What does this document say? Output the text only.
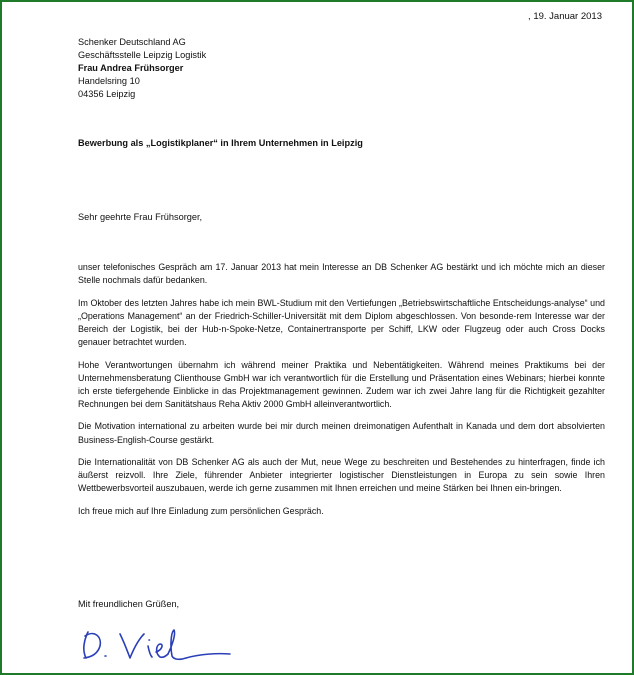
, 19. Januar 2013
Schenker Deutschland AG
Geschäftsstelle Leipzig Logistik
Frau Andrea Frühsorger
Handelsring 10
04356 Leipzig
Bewerbung als „Logistikplaner“ in Ihrem Unternehmen in Leipzig
Sehr geehrte Frau Frühsorger,

unser telefonisches Gespräch am 17. Januar 2013 hat mein Interesse an DB Schenker AG bestärkt und ich möchte mich an dieser Stelle nochmals dafür bedanken.

Im Oktober des letzten Jahres habe ich mein BWL-Studium mit den Vertiefungen „Betriebswirtschaftliche Entscheidungs-analyse“ und „Operations Management“ an der Friedrich-Schiller-Universität mit dem Diplom abgeschlossen. Von besonde-rem Interesse war der Bereich der Logistik, bei der Hub-n-Spoke-Netze, Containertransporte per Schiff, LKW oder Flugzeug oder auch Cross Docks genauer betrachtet wurden.

Hohe Verantwortungen übernahm ich während meiner Praktika und Nebentätigkeiten. Während meines Praktikums bei der Unternehmensberatung Clienthouse GmbH war ich verantwortlich für die Erstellung und Präsentation eines Webinars; hierbei konnte ich erste tiefergehende Einblicke in das Projektmanagement gewinnen. Zudem war ich zwei Jahre lang für die Richtigkeit gezahlter Rechnungen bei dem Sanitätshaus Reha Aktiv 2000 GmbH alleinverantwortlich.

Die Motivation international zu arbeiten wurde bei mir durch meinen dreimonatigen Aufenthalt in Kanada und dem dort absolvierten Business-English-Course gestärkt.

Die Internationalität von DB Schenker AG als auch der Mut, neue Wege zu beschreiten und Bestehendes zu hinterfragen, finde ich äußerst reizvoll. Ihre Ziele, führender Anbieter integrierter logistischer Dienstleistungen in Europa zu sein sowie Ihren Wettbewerbsvorteil auszubauen, werde ich gerne zusammen mit Ihnen erreichen und meine Stärken bei Ihnen ein-bringen.

Ich freue mich auf Ihre Einladung zum persönlichen Gespräch.

Mit freundlichen Grüßen,
